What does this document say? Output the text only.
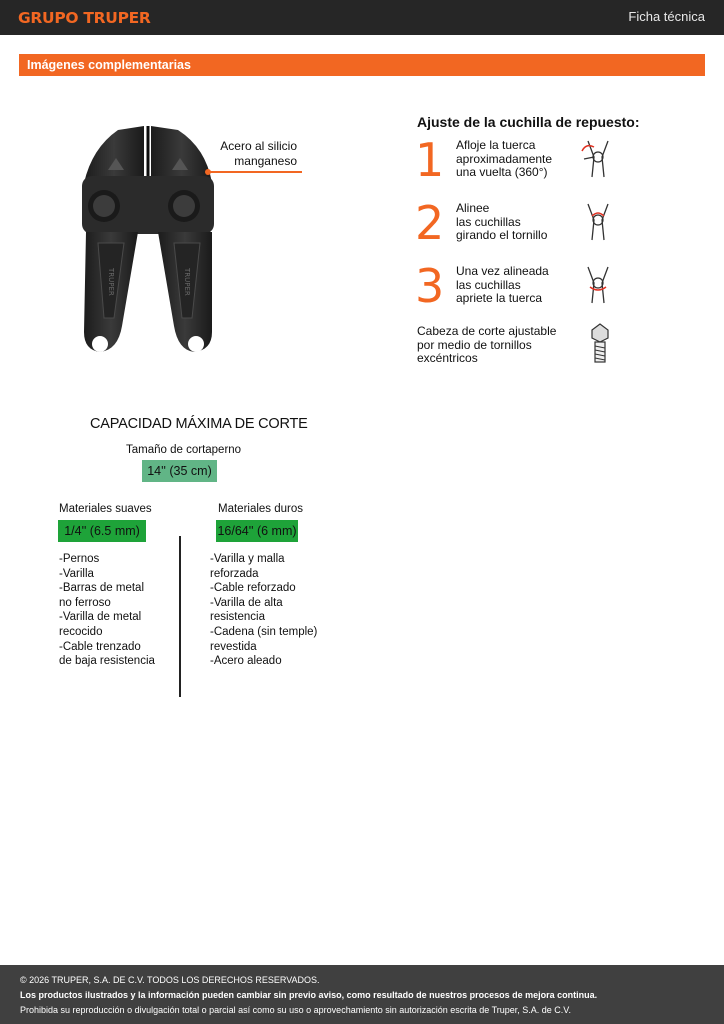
GRUPO TRUPER	Ficha técnica
Imágenes complementarias
TRUPER	TRUPER
Acero al silicio manganeso
Ajuste de la cuchilla de repuesto:
1 Afloje la tuerca
aproximadamente
una vuelta (360°)
2 Alinee
las cuchillas
girando el tornillo
3 Una vez alineada
las cuchillas
apriete la tuerca
Cabeza de corte ajustable
por medio de tornillos
excéntricos
CAPACIDAD MÁXIMA DE CORTE
Tamaño de cortaperno
14'' (35 cm)
Materiales suaves
1/4'' (6.5 mm)
-Pernos
-Varilla
-Barras de metal
no ferroso
-Varilla de metal
recocido
-Cable trenzado
de baja resistencia
Materiales duros
16/64'' (6 mm)
-Varilla y malla
reforzada
-Cable reforzado
-Varilla de alta
resistencia
-Cadena (sin temple)
revestida
-Acero aleado

© 2026 TRUPER, S.A. DE C.V. TODOS LOS DERECHOS RESERVADOS.

Los productos ilustrados y la información pueden cambiar sin previo aviso, como resultado de nuestros procesos de mejora continua.

Prohibida su reproducción o divulgación total o parcial así como su uso o aprovechamiento sin autorización escrita de Truper, S.A. de C.V.
